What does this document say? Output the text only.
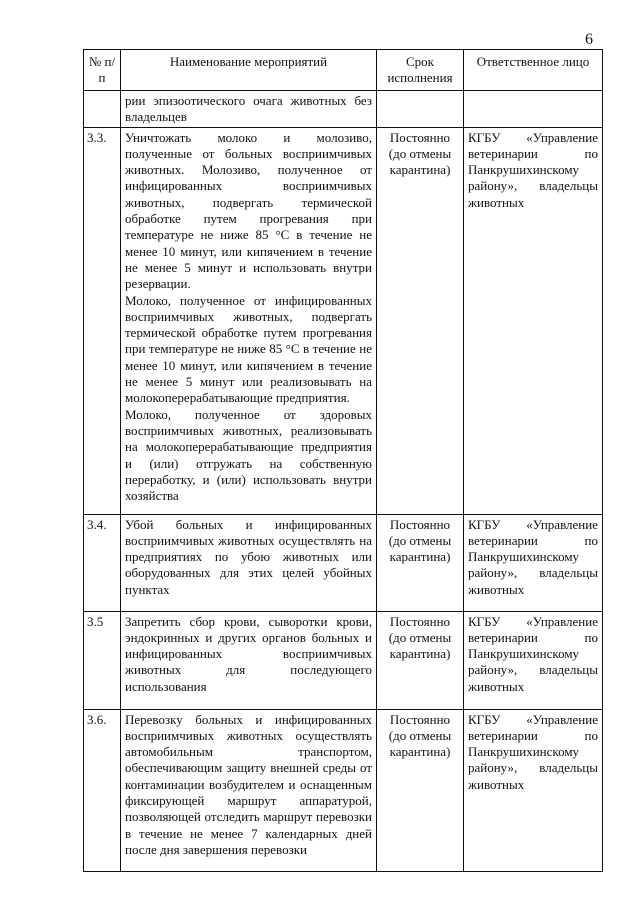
6
№ п/п	Наименование мероприятий	Срок исполнения	Ответственное лицо

	рии эпизоотического очага животных без владельцев		

3.3.	Уничтожать молоко и молозиво, полученные от больных восприимчивых животных. Молозиво, полученное от инфицированных восприимчивых животных, подвергать термической обработке путем прогревания при температуре не ниже 85 °С в течение не менее 10 минут, или кипячением в течение не менее 5 минут и использовать внутри резервации.
Молоко, полученное от инфицированных восприимчивых животных, подвергать термической обработке путем прогревания при температуре не ниже 85 °С в течение не менее 10 минут, или кипячением в течение не менее 5 минут или реализовывать на молокоперерабатывающие предприятия.
Молоко, полученное от здоровых восприимчивых животных, реализовывать на молокоперерабатывающие предприятия и (или) отгружать на собственную переработку, и (или) использовать внутри хозяйства	Постоянно (до отмены карантина)	КГБУ «Управление ветеринарии по Панкрушихинскому району», владельцы животных
3.4.	Убой больных и инфицированных восприимчивых животных осуществлять на предприятиях по убою животных или оборудованных для этих целей убойных пунктах	Постоянно (до отмены карантина)	КГБУ «Управление ветеринарии по Панкрушихинскому району», владельцы животных
3.5	Запретить сбор крови, сыворотки крови, эндокринных и других органов больных и инфицированных восприимчивых животных для последующего использования	Постоянно (до отмены карантина)	КГБУ «Управление ветеринарии по Панкрушихинскому району», владельцы животных
3.6.	Перевозку больных и инфицированных восприимчивых животных осуществлять автомобильным транспортом, обеспечивающим защиту внешней среды от контаминации возбудителем и оснащенным фиксирующей маршрут аппаратурой, позволяющей отследить маршрут перевозки в течение не менее 7 календарных дней после дня завершения перевозки	Постоянно (до отмены карантина)	КГБУ «Управление ветеринарии по Панкрушихинскому району», владельцы животных
